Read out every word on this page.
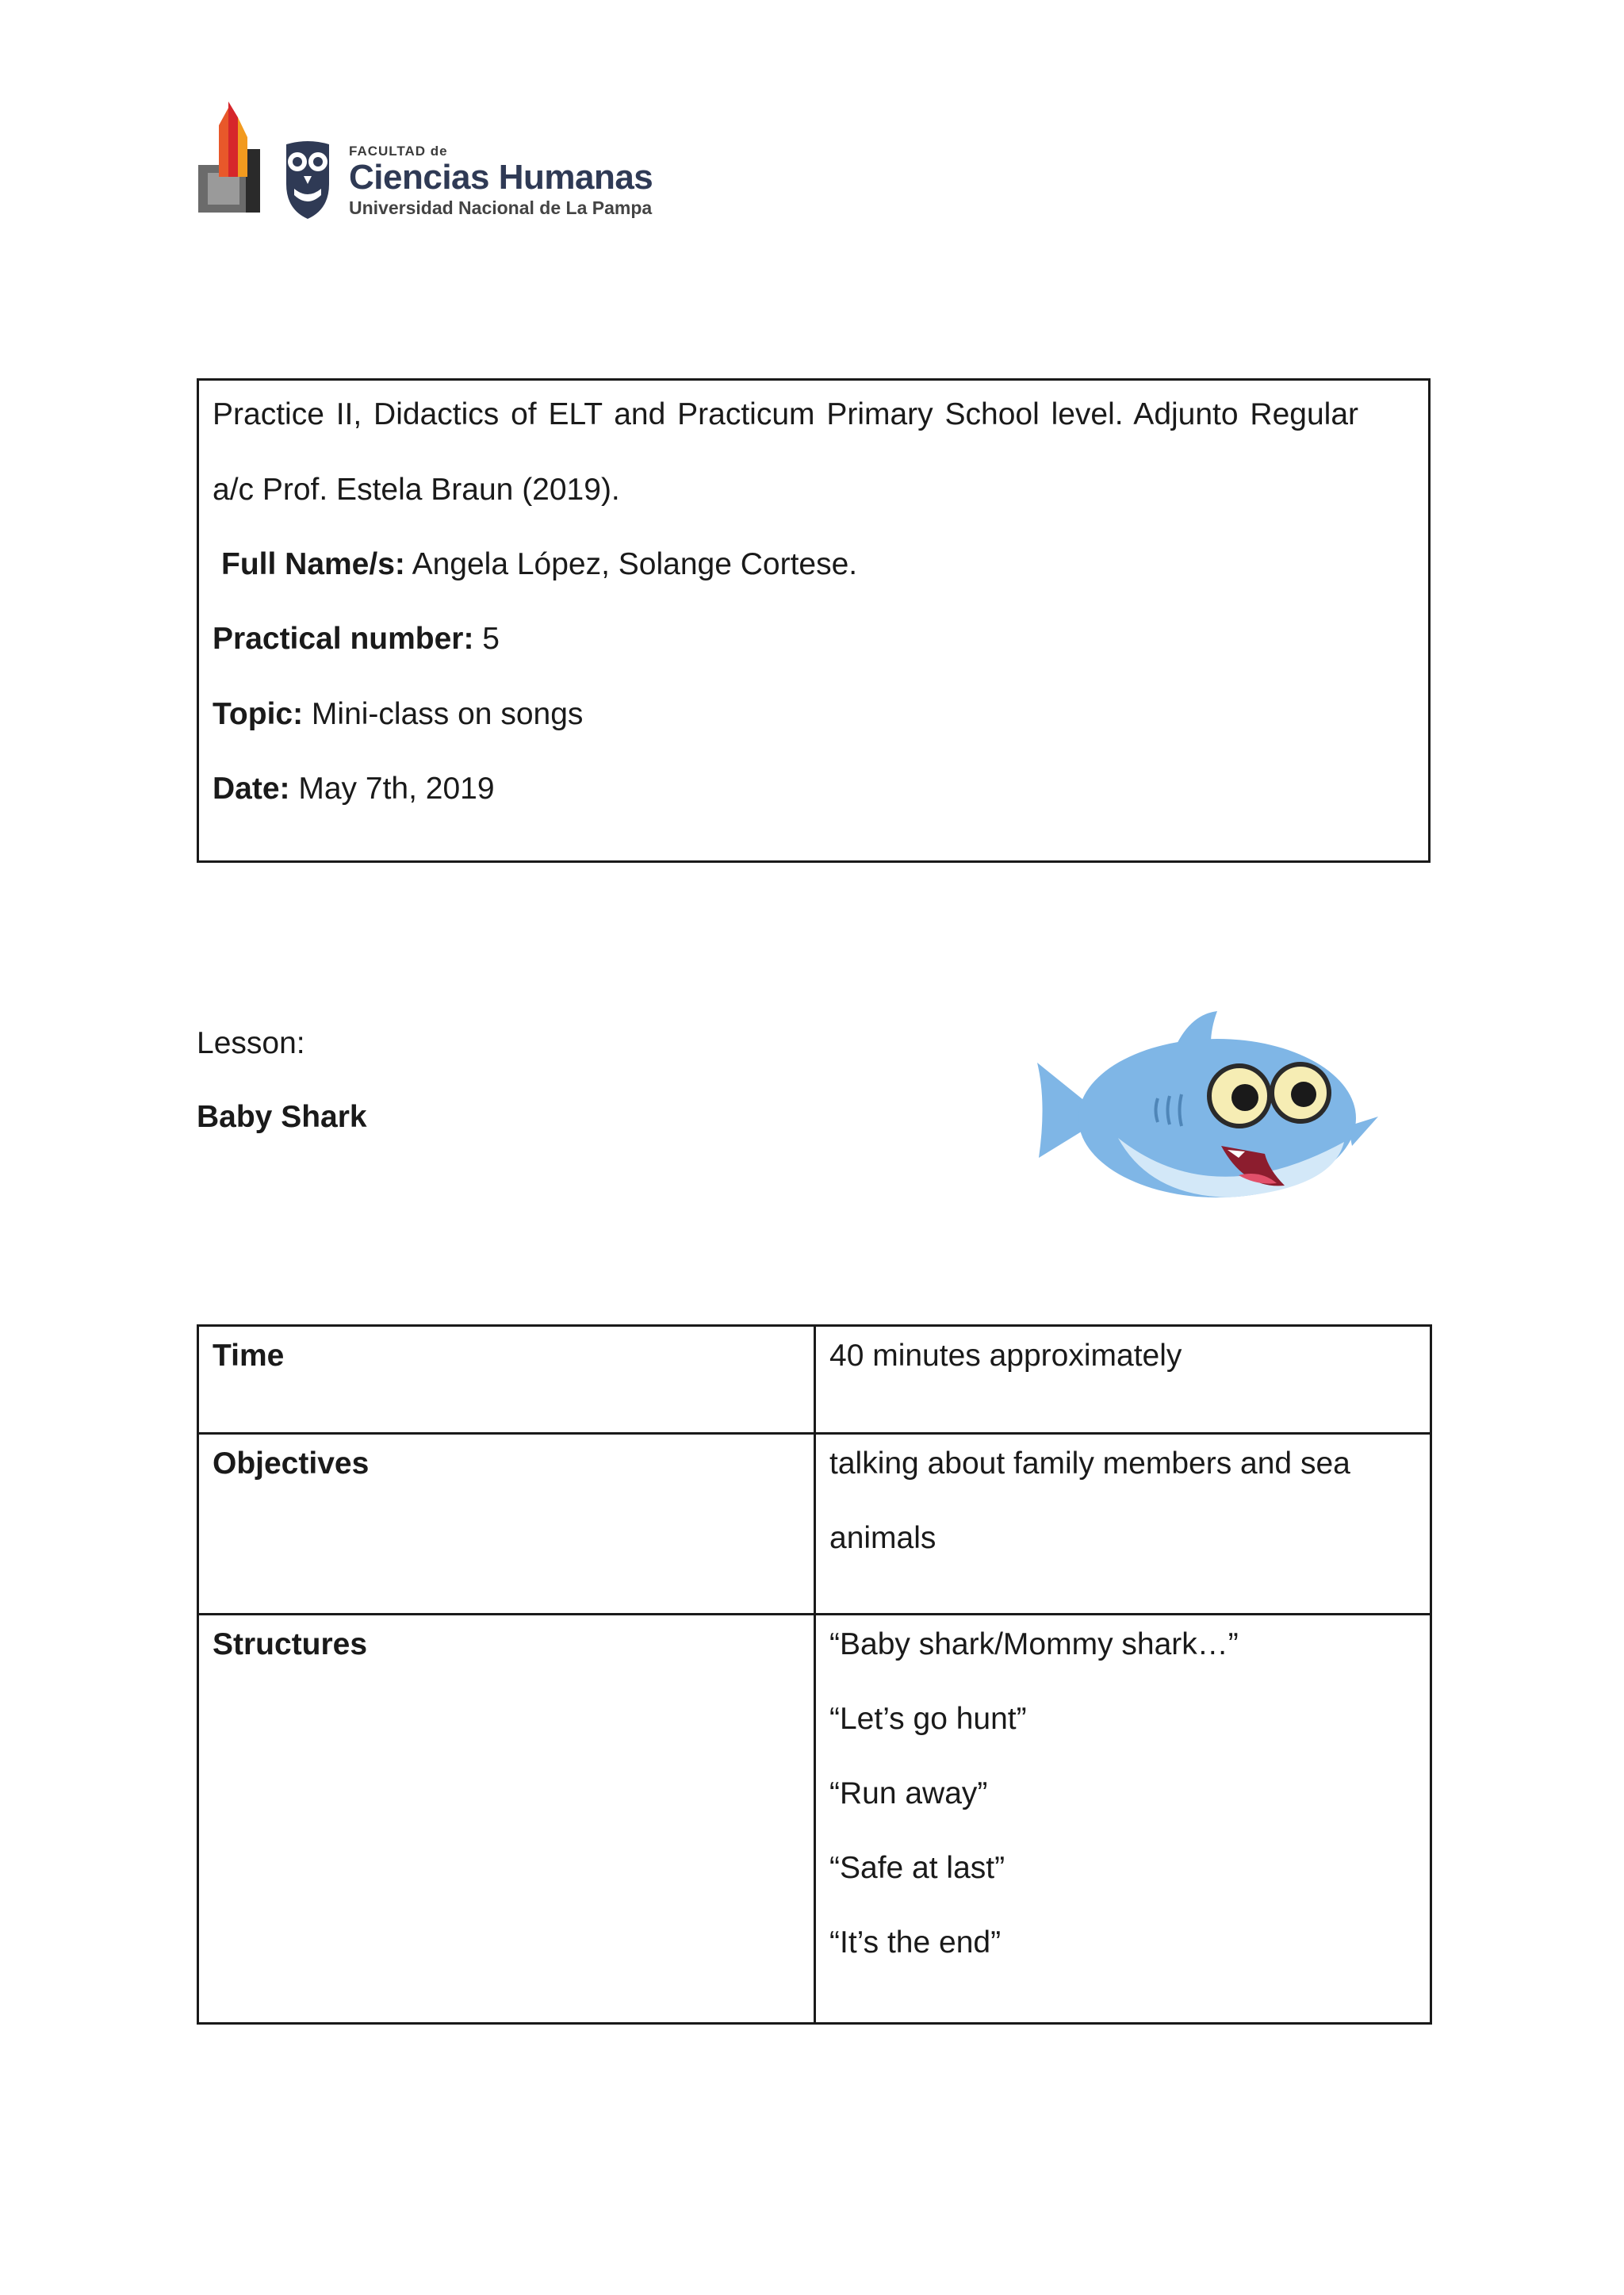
FACULTAD de
Ciencias Humanas
Universidad Nacional de La Pampa
Practice II, Didactics of ELT and Practicum Primary School level. Adjunto Regular
a/c Prof. Estela Braun (2019).
Full Name/s: Angela López, Solange Cortese.
Practical number: 5
Topic: Mini-class on songs
Date: May 7th, 2019
Lesson:
Baby Shark
Time	40 minutes approximately
Objectives	talking about family members and sea
animals

Structures	“Baby shark/Mommy shark…”
“Let’s go hunt”
“Run away”
“Safe at last”
“It’s the end”
